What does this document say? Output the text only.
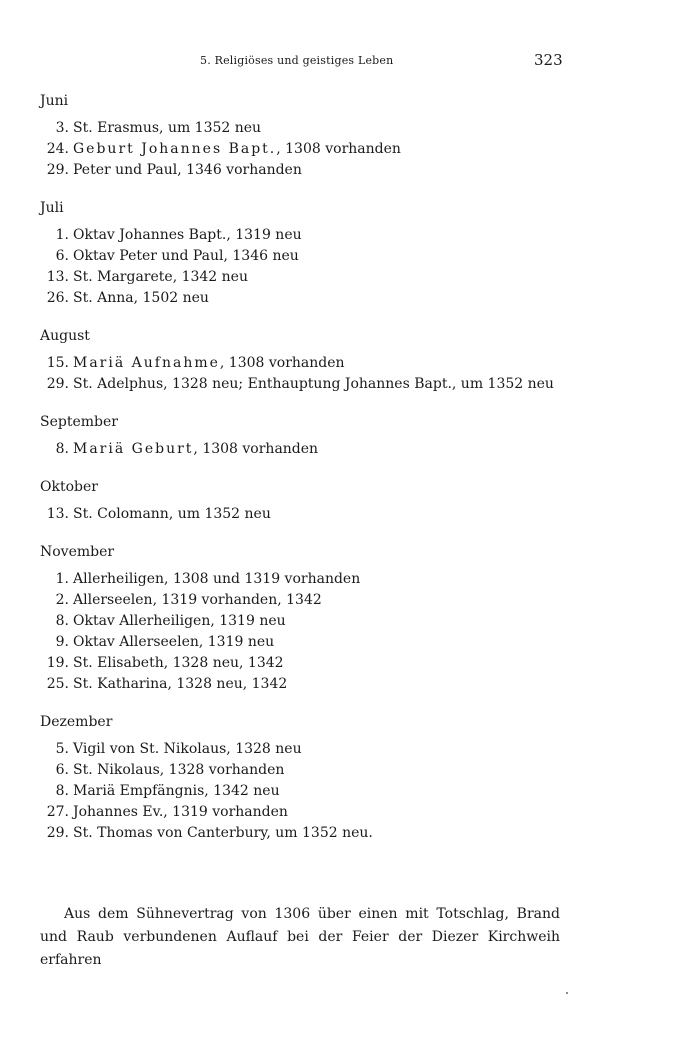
5. Religiöses und geistiges Leben	323
Juni
3. St. Erasmus, um 1352 neu
24. Geburt Johannes Bapt., 1308 vorhanden
29. Peter und Paul, 1346 vorhanden
Juli
1. Oktav Johannes Bapt., 1319 neu
6. Oktav Peter und Paul, 1346 neu
13. St. Margarete, 1342 neu
26. St. Anna, 1502 neu
August
15. Mariä Aufnahme, 1308 vorhanden
29. St. Adelphus, 1328 neu; Enthauptung Johannes Bapt., um 1352 neu
September
8. Mariä Geburt, 1308 vorhanden
Oktober
13. St. Colomann, um 1352 neu
November
1. Allerheiligen, 1308 und 1319 vorhanden
2. Allerseelen, 1319 vorhanden, 1342
8. Oktav Allerheiligen, 1319 neu
9. Oktav Allerseelen, 1319 neu
19. St. Elisabeth, 1328 neu, 1342
25. St. Katharina, 1328 neu, 1342
Dezember
5. Vigil von St. Nikolaus, 1328 neu
6. St. Nikolaus, 1328 vorhanden
8. Mariä Empfängnis, 1342 neu
27. Johannes Ev., 1319 vorhanden
29. St. Thomas von Canterbury, um 1352 neu.

Aus dem Sühnevertrag von 1306 über einen mit Totschlag, Brand und Raub verbundenen Auflauf bei der Feier der Diezer Kirchweih erfahren
